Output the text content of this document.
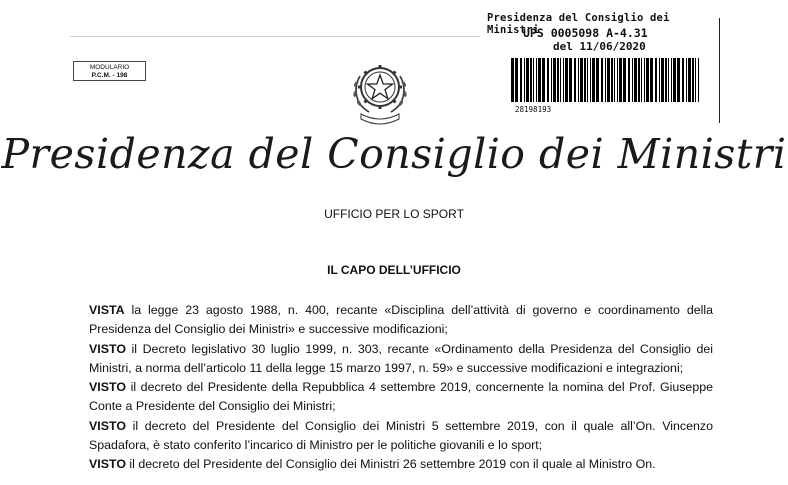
Presidenza del Consiglio dei Ministri
UPS 0005098 A-4.31
del 11/06/2020
28198193
MODULARIO
P.C.M. - 198
Presidenza del Consiglio dei Ministri
UFFICIO PER LO SPORT
IL CAPO DELL’UFFICIO

VISTA la legge 23 agosto 1988, n. 400, recante «Disciplina dell’attività di governo e coordinamento della Presidenza del Consiglio dei Ministri» e successive modificazioni;

VISTO il Decreto legislativo 30 luglio 1999, n. 303, recante «Ordinamento della Presidenza del Consiglio dei Ministri, a norma dell’articolo 11 della legge 15 marzo 1997, n. 59» e successive modificazioni e integrazioni;

VISTO il decreto del Presidente della Repubblica 4 settembre 2019, concernente la nomina del Prof. Giuseppe Conte a Presidente del Consiglio dei Ministri;

VISTO il decreto del Presidente del Consiglio dei Ministri 5 settembre 2019, con il quale all’On. Vincenzo Spadafora, è stato conferito l’incarico di Ministro per le politiche giovanili e lo sport;

VISTO il decreto del Presidente del Consiglio dei Ministri 26 settembre 2019 con il quale al Ministro On.
